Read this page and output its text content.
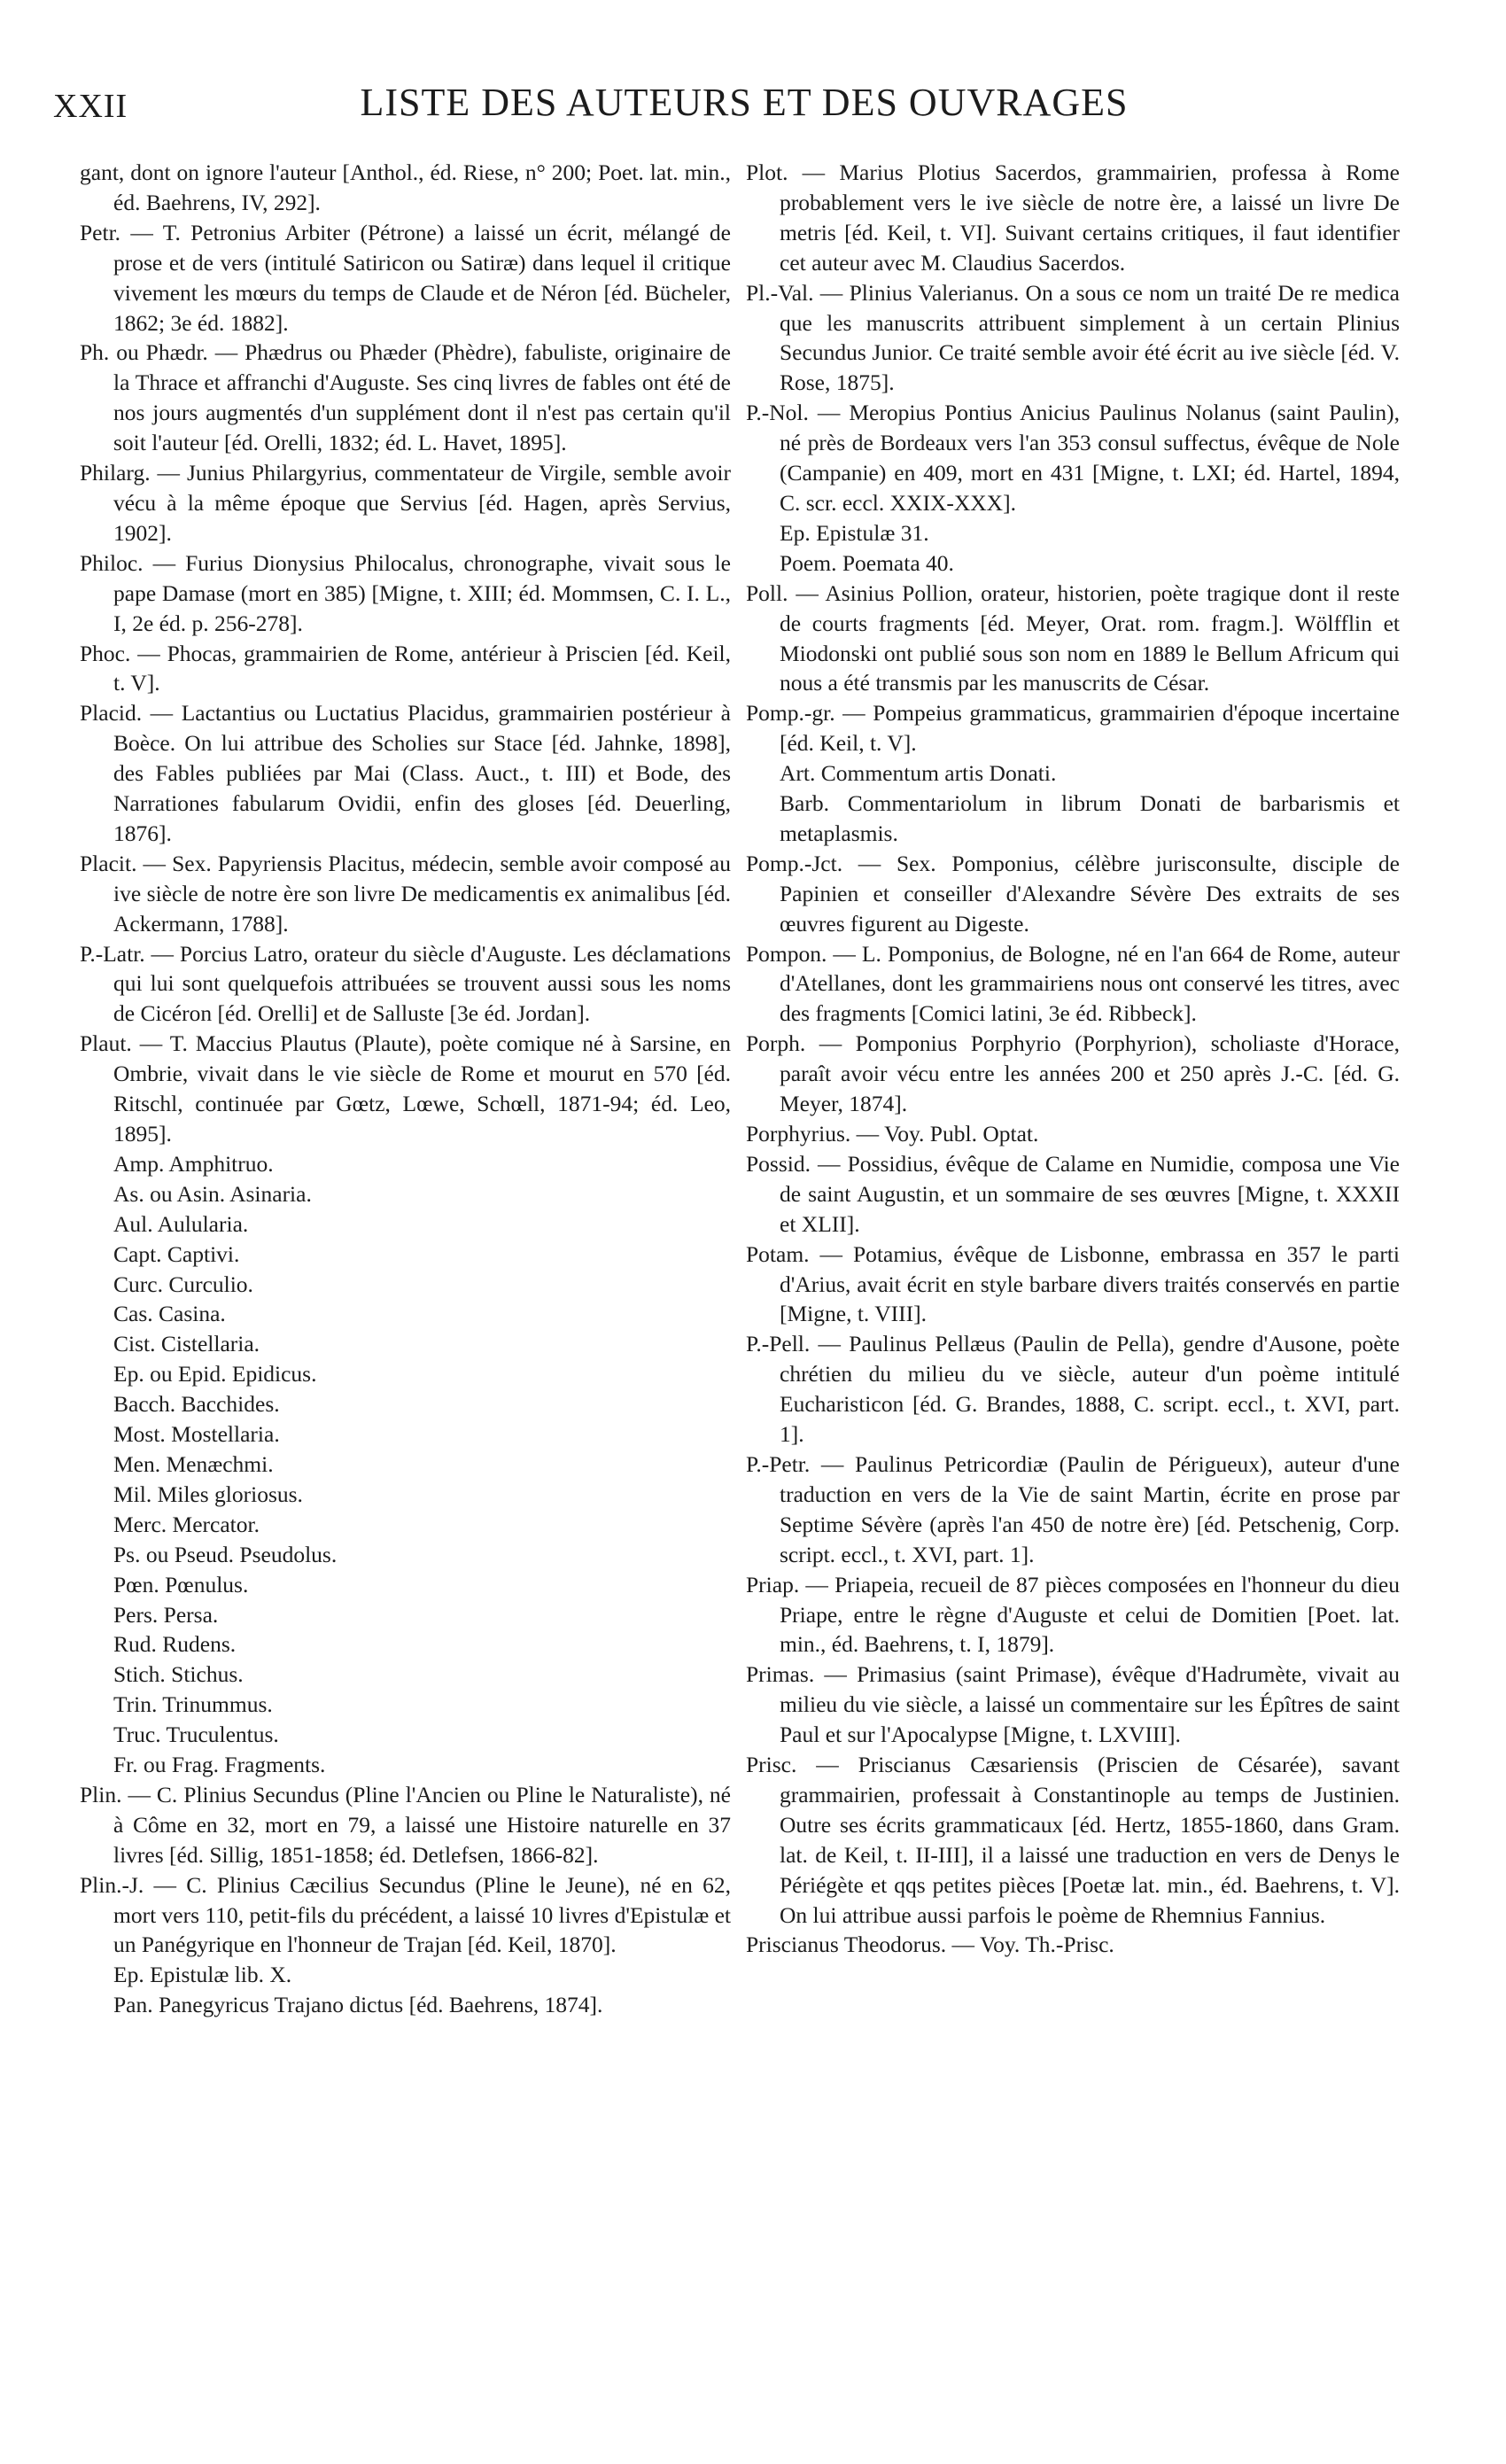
XXII	LISTE DES AUTEURS ET DES OUVRAGES

gant, dont on ignore l'auteur [Anthol., éd. Riese, n° 200; Poet. lat. min., éd. Baehrens, IV, 292].

Petr. — T. Petronius Arbiter (Pétrone) a laissé un écrit, mélangé de prose et de vers (intitulé Satiricon ou Satiræ) dans lequel il critique vivement les mœurs du temps de Claude et de Néron [éd. Bücheler, 1862; 3e éd. 1882].

Ph. ou Phædr. — Phædrus ou Phæder (Phèdre), fabuliste, originaire de la Thrace et affranchi d'Auguste. Ses cinq livres de fables ont été de nos jours augmentés d'un supplément dont il n'est pas certain qu'il soit l'auteur [éd. Orelli, 1832; éd. L. Havet, 1895].

Philarg. — Junius Philargyrius, commentateur de Virgile, semble avoir vécu à la même époque que Servius [éd. Hagen, après Servius, 1902].

Philoc. — Furius Dionysius Philocalus, chronographe, vivait sous le pape Damase (mort en 385) [Migne, t. XIII; éd. Mommsen, C. I. L., I, 2e éd. p. 256-278].

Phoc. — Phocas, grammairien de Rome, antérieur à Priscien [éd. Keil, t. V].

Placid. — Lactantius ou Luctatius Placidus, grammairien postérieur à Boèce. On lui attribue des Scholies sur Stace [éd. Jahnke, 1898], des Fables publiées par Mai (Class. Auct., t. III) et Bode, des Narrationes fabularum Ovidii, enfin des gloses [éd. Deuerling, 1876].

Placit. — Sex. Papyriensis Placitus, médecin, semble avoir composé au ive siècle de notre ère son livre De medicamentis ex animalibus [éd. Ackermann, 1788].

P.-Latr. — Porcius Latro, orateur du siècle d'Auguste. Les déclamations qui lui sont quelquefois attribuées se trouvent aussi sous les noms de Cicéron [éd. Orelli] et de Salluste [3e éd. Jordan].

Plaut. — T. Maccius Plautus (Plaute), poète comique né à Sarsine, en Ombrie, vivait dans le vie siècle de Rome et mourut en 570 [éd. Ritschl, continuée par Gœtz, Lœwe, Schœll, 1871-94; éd. Leo, 1895].

Amp. Amphitruo.

As. ou Asin. Asinaria.

Aul. Aulularia.

Capt. Captivi.

Curc. Curculio.

Cas. Casina.

Cist. Cistellaria.

Ep. ou Epid. Epidicus.

Bacch. Bacchides.

Most. Mostellaria.

Men. Menæchmi.

Mil. Miles gloriosus.

Merc. Mercator.

Ps. ou Pseud. Pseudolus.

Pœn. Pœnulus.

Pers. Persa.

Rud. Rudens.

Stich. Stichus.

Trin. Trinummus.

Truc. Truculentus.

Fr. ou Frag. Fragments.

Plin. — C. Plinius Secundus (Pline l'Ancien ou Pline le Naturaliste), né à Côme en 32, mort en 79, a laissé une Histoire naturelle en 37 livres [éd. Sillig, 1851-1858; éd. Detlefsen, 1866-82].

Plin.-J. — C. Plinius Cæcilius Secundus (Pline le Jeune), né en 62, mort vers 110, petit-fils du précédent, a laissé 10 livres d'Epistulæ et un Panégyrique en l'honneur de Trajan [éd. Keil, 1870].

Ep. Epistulæ lib. X.

Pan. Panegyricus Trajano dictus [éd. Baehrens, 1874].

Plot. — Marius Plotius Sacerdos, grammairien, professa à Rome probablement vers le ive siècle de notre ère, a laissé un livre De metris [éd. Keil, t. VI]. Suivant certains critiques, il faut identifier cet auteur avec M. Claudius Sacerdos.

Pl.-Val. — Plinius Valerianus. On a sous ce nom un traité De re medica que les manuscrits attribuent simplement à un certain Plinius Secundus Junior. Ce traité semble avoir été écrit au ive siècle [éd. V. Rose, 1875].

P.-Nol. — Meropius Pontius Anicius Paulinus Nolanus (saint Paulin), né près de Bordeaux vers l'an 353 consul suffectus, évêque de Nole (Campanie) en 409, mort en 431 [Migne, t. LXI; éd. Hartel, 1894, C. scr. eccl. XXIX-XXX].

Ep. Epistulæ 31.

Poem. Poemata 40.

Poll. — Asinius Pollion, orateur, historien, poète tragique dont il reste de courts fragments [éd. Meyer, Orat. rom. fragm.]. Wölfflin et Miodonski ont publié sous son nom en 1889 le Bellum Africum qui nous a été transmis par les manuscrits de César.

Pomp.-gr. — Pompeius grammaticus, grammairien d'époque incertaine [éd. Keil, t. V].

Art. Commentum artis Donati.

Barb. Commentariolum in librum Donati de barbarismis et metaplasmis.

Pomp.-Jct. — Sex. Pomponius, célèbre jurisconsulte, disciple de Papinien et conseiller d'Alexandre Sévère Des extraits de ses œuvres figurent au Digeste.

Pompon. — L. Pomponius, de Bologne, né en l'an 664 de Rome, auteur d'Atellanes, dont les grammairiens nous ont conservé les titres, avec des fragments [Comici latini, 3e éd. Ribbeck].

Porph. — Pomponius Porphyrio (Porphyrion), scholiaste d'Horace, paraît avoir vécu entre les années 200 et 250 après J.-C. [éd. G. Meyer, 1874].

Porphyrius. — Voy. Publ. Optat.

Possid. — Possidius, évêque de Calame en Numidie, composa une Vie de saint Augustin, et un sommaire de ses œuvres [Migne, t. XXXII et XLII].

Potam. — Potamius, évêque de Lisbonne, embrassa en 357 le parti d'Arius, avait écrit en style barbare divers traités conservés en partie [Migne, t. VIII].

P.-Pell. — Paulinus Pellæus (Paulin de Pella), gendre d'Ausone, poète chrétien du milieu du ve siècle, auteur d'un poème intitulé Eucharisticon [éd. G. Brandes, 1888, C. script. eccl., t. XVI, part. 1].

P.-Petr. — Paulinus Petricordiæ (Paulin de Périgueux), auteur d'une traduction en vers de la Vie de saint Martin, écrite en prose par Septime Sévère (après l'an 450 de notre ère) [éd. Petschenig, Corp. script. eccl., t. XVI, part. 1].

Priap. — Priapeia, recueil de 87 pièces composées en l'honneur du dieu Priape, entre le règne d'Auguste et celui de Domitien [Poet. lat. min., éd. Baehrens, t. I, 1879].

Primas. — Primasius (saint Primase), évêque d'Hadrumète, vivait au milieu du vie siècle, a laissé un commentaire sur les Épîtres de saint Paul et sur l'Apocalypse [Migne, t. LXVIII].

Prisc. — Priscianus Cæsariensis (Priscien de Césarée), savant grammairien, professait à Constantinople au temps de Justinien. Outre ses écrits grammaticaux [éd. Hertz, 1855-1860, dans Gram. lat. de Keil, t. II-III], il a laissé une traduction en vers de Denys le Périégète et qqs petites pièces [Poetæ lat. min., éd. Baehrens, t. V]. On lui attribue aussi parfois le poème de Rhemnius Fannius.

Priscianus Theodorus. — Voy. Th.-Prisc.
